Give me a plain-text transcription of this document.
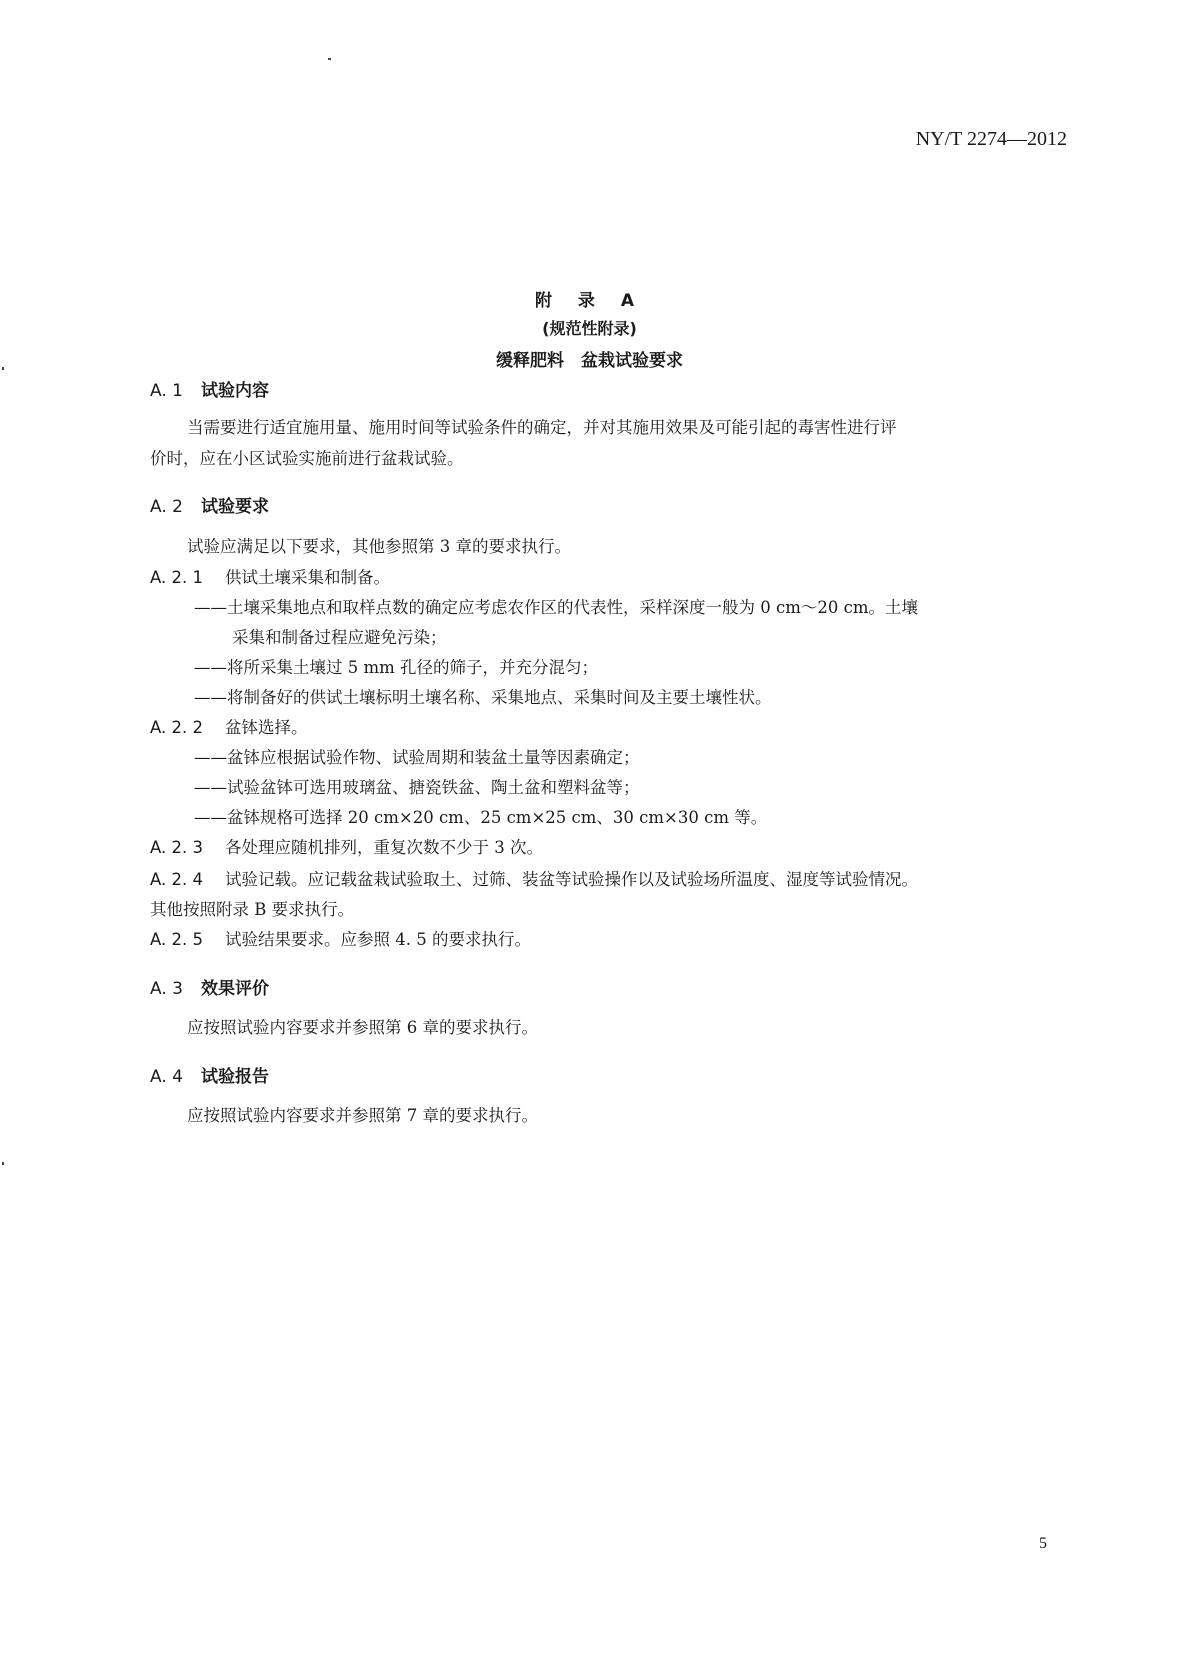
NY/T 2274—2012
附 录 A
(规范性附录)
缓释肥料　盆栽试验要求
A. 1 试验内容
当需要进行适宜施用量、施用时间等试验条件的确定，并对其施用效果及可能引起的毒害性进行评
价时，应在小区试验实施前进行盆栽试验。
A. 2 试验要求
试验应满足以下要求，其他参照第 3 章的要求执行。
A. 2. 1 供试土壤采集和制备。
——土壤采集地点和取样点数的确定应考虑农作区的代表性，采样深度一般为 0 cm～20 cm。土壤
采集和制备过程应避免污染；
——将所采集土壤过 5 mm 孔径的筛子，并充分混匀；
——将制备好的供试土壤标明土壤名称、采集地点、采集时间及主要土壤性状。
A. 2. 2 盆钵选择。
——盆钵应根据试验作物、试验周期和装盆土量等因素确定；
——试验盆钵可选用玻璃盆、搪瓷铁盆、陶土盆和塑料盆等；
——盆钵规格可选择 20 cm×20 cm、25 cm×25 cm、30 cm×30 cm 等。
A. 2. 3 各处理应随机排列，重复次数不少于 3 次。
A. 2. 4 试验记载。应记载盆栽试验取土、过筛、装盆等试验操作以及试验场所温度、湿度等试验情况。
其他按照附录 B 要求执行。
A. 2. 5 试验结果要求。应参照 4. 5 的要求执行。
A. 3 效果评价
应按照试验内容要求并参照第 6 章的要求执行。
A. 4 试验报告
应按照试验内容要求并参照第 7 章的要求执行。
5
